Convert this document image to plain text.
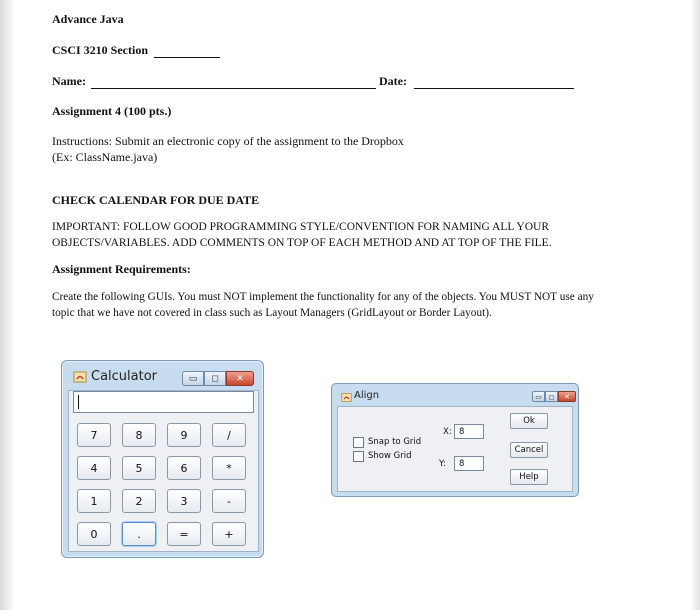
Advance Java
CSCI 3210 Section
Name:	Date:
Assignment 4 (100 pts.)
Instructions: Submit an electronic copy of the assignment to the Dropbox
(Ex: ClassName.java)
CHECK CALENDAR FOR DUE DATE
IMPORTANT: FOLLOW GOOD PROGRAMMING STYLE/CONVENTION FOR NAMING ALL YOUR
OBJECTS/VARIABLES. ADD COMMENTS ON TOP OF EACH METHOD AND AT TOP OF THE FILE.
Assignment Requirements:
Create the following GUIs. You must NOT implement the functionality for any of the objects. You MUST NOT use any
topic that we have not covered in class such as Layout Managers (GridLayout or Border Layout).
Calculator	▭	◻	✕
7	8	9	/
4	5	6	*
1	2	3	-
0	.	=	+
Align	▭ ◻	✕
Snap to Grid
Show Grid
X: 8
Y:	8
Ok
Cancel
Help
